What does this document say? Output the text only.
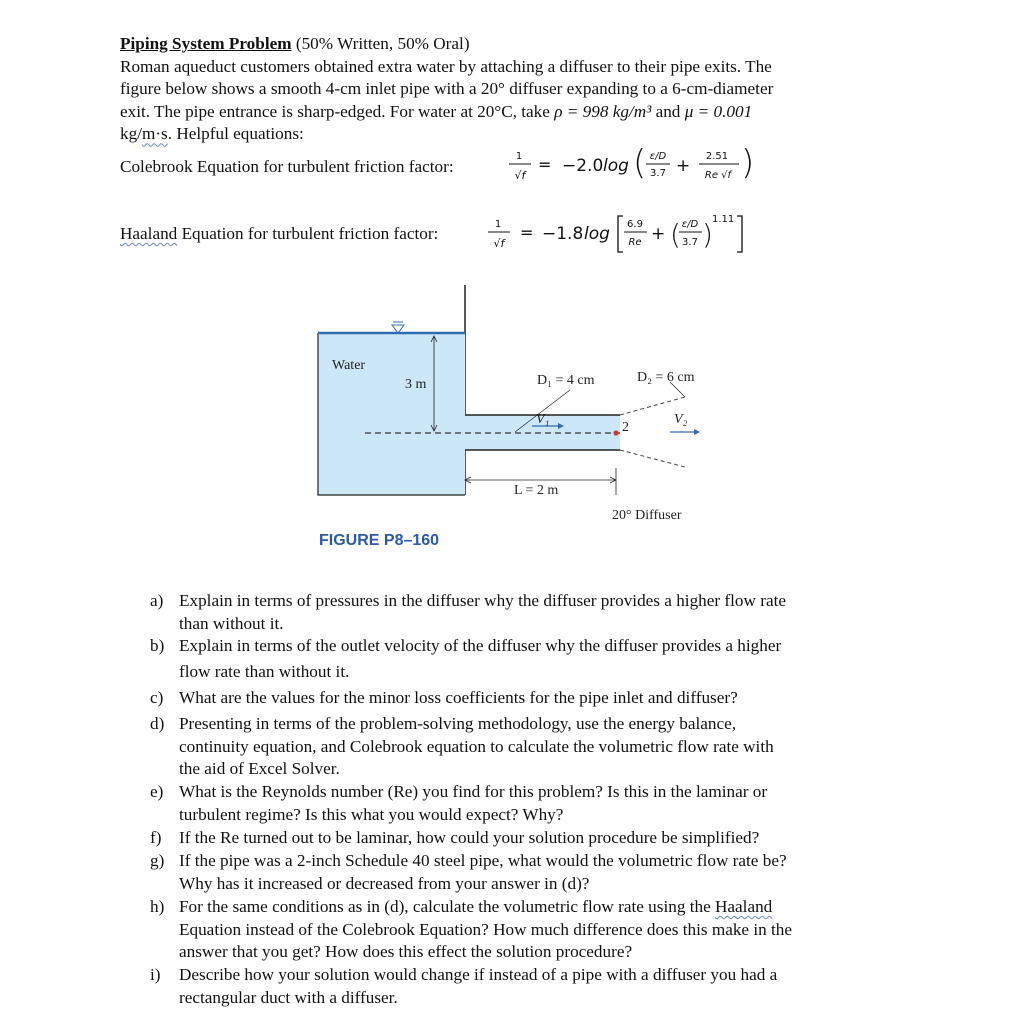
Piping System Problem (50% Written, 50% Oral)
Roman aqueduct customers obtained extra water by attaching a diffuser to their pipe exits. The
figure below shows a smooth 4-cm inlet pipe with a 20° diffuser expanding to a 6-cm-diameter
exit. The pipe entrance is sharp-edged. For water at 20°C, take ρ = 998 kg/m³ and μ = 0.001
kg/m·s. Helpful equations:
Colebrook Equation for turbulent friction factor:
1
√f
= −2.0 log ( ε/D
3.7 + 2.51
Re √f )
Haaland Equation for turbulent friction factor:	1
√f
= −1.8 log 6.9
Re + ( ε/D
3.7 ) 1.11
Water
3 m	D₁ = 4 cm	D₂ = 6 cm
V₁	V₂
2
L = 2 m
20° Diffuser
FIGURE P8–160
a) Explain in terms of pressures in the diffuser why the diffuser provides a higher flow rate
than without it.
b) Explain in terms of the outlet velocity of the diffuser why the diffuser provides a higher
flow rate than without it.
c) What are the values for the minor loss coefficients for the pipe inlet and diffuser?
d) Presenting in terms of the problem-solving methodology, use the energy balance,
continuity equation, and Colebrook equation to calculate the volumetric flow rate with
the aid of Excel Solver.
e) What is the Reynolds number (Re) you find for this problem? Is this in the laminar or
turbulent regime? Is this what you would expect? Why?
f) If the Re turned out to be laminar, how could your solution procedure be simplified?
g) If the pipe was a 2-inch Schedule 40 steel pipe, what would the volumetric flow rate be?
Why has it increased or decreased from your answer in (d)?
h) For the same conditions as in (d), calculate the volumetric flow rate using the Haaland
Equation instead of the Colebrook Equation? How much difference does this make in the
answer that you get? How does this effect the solution procedure?
i) Describe how your solution would change if instead of a pipe with a diffuser you had a
rectangular duct with a diffuser.
